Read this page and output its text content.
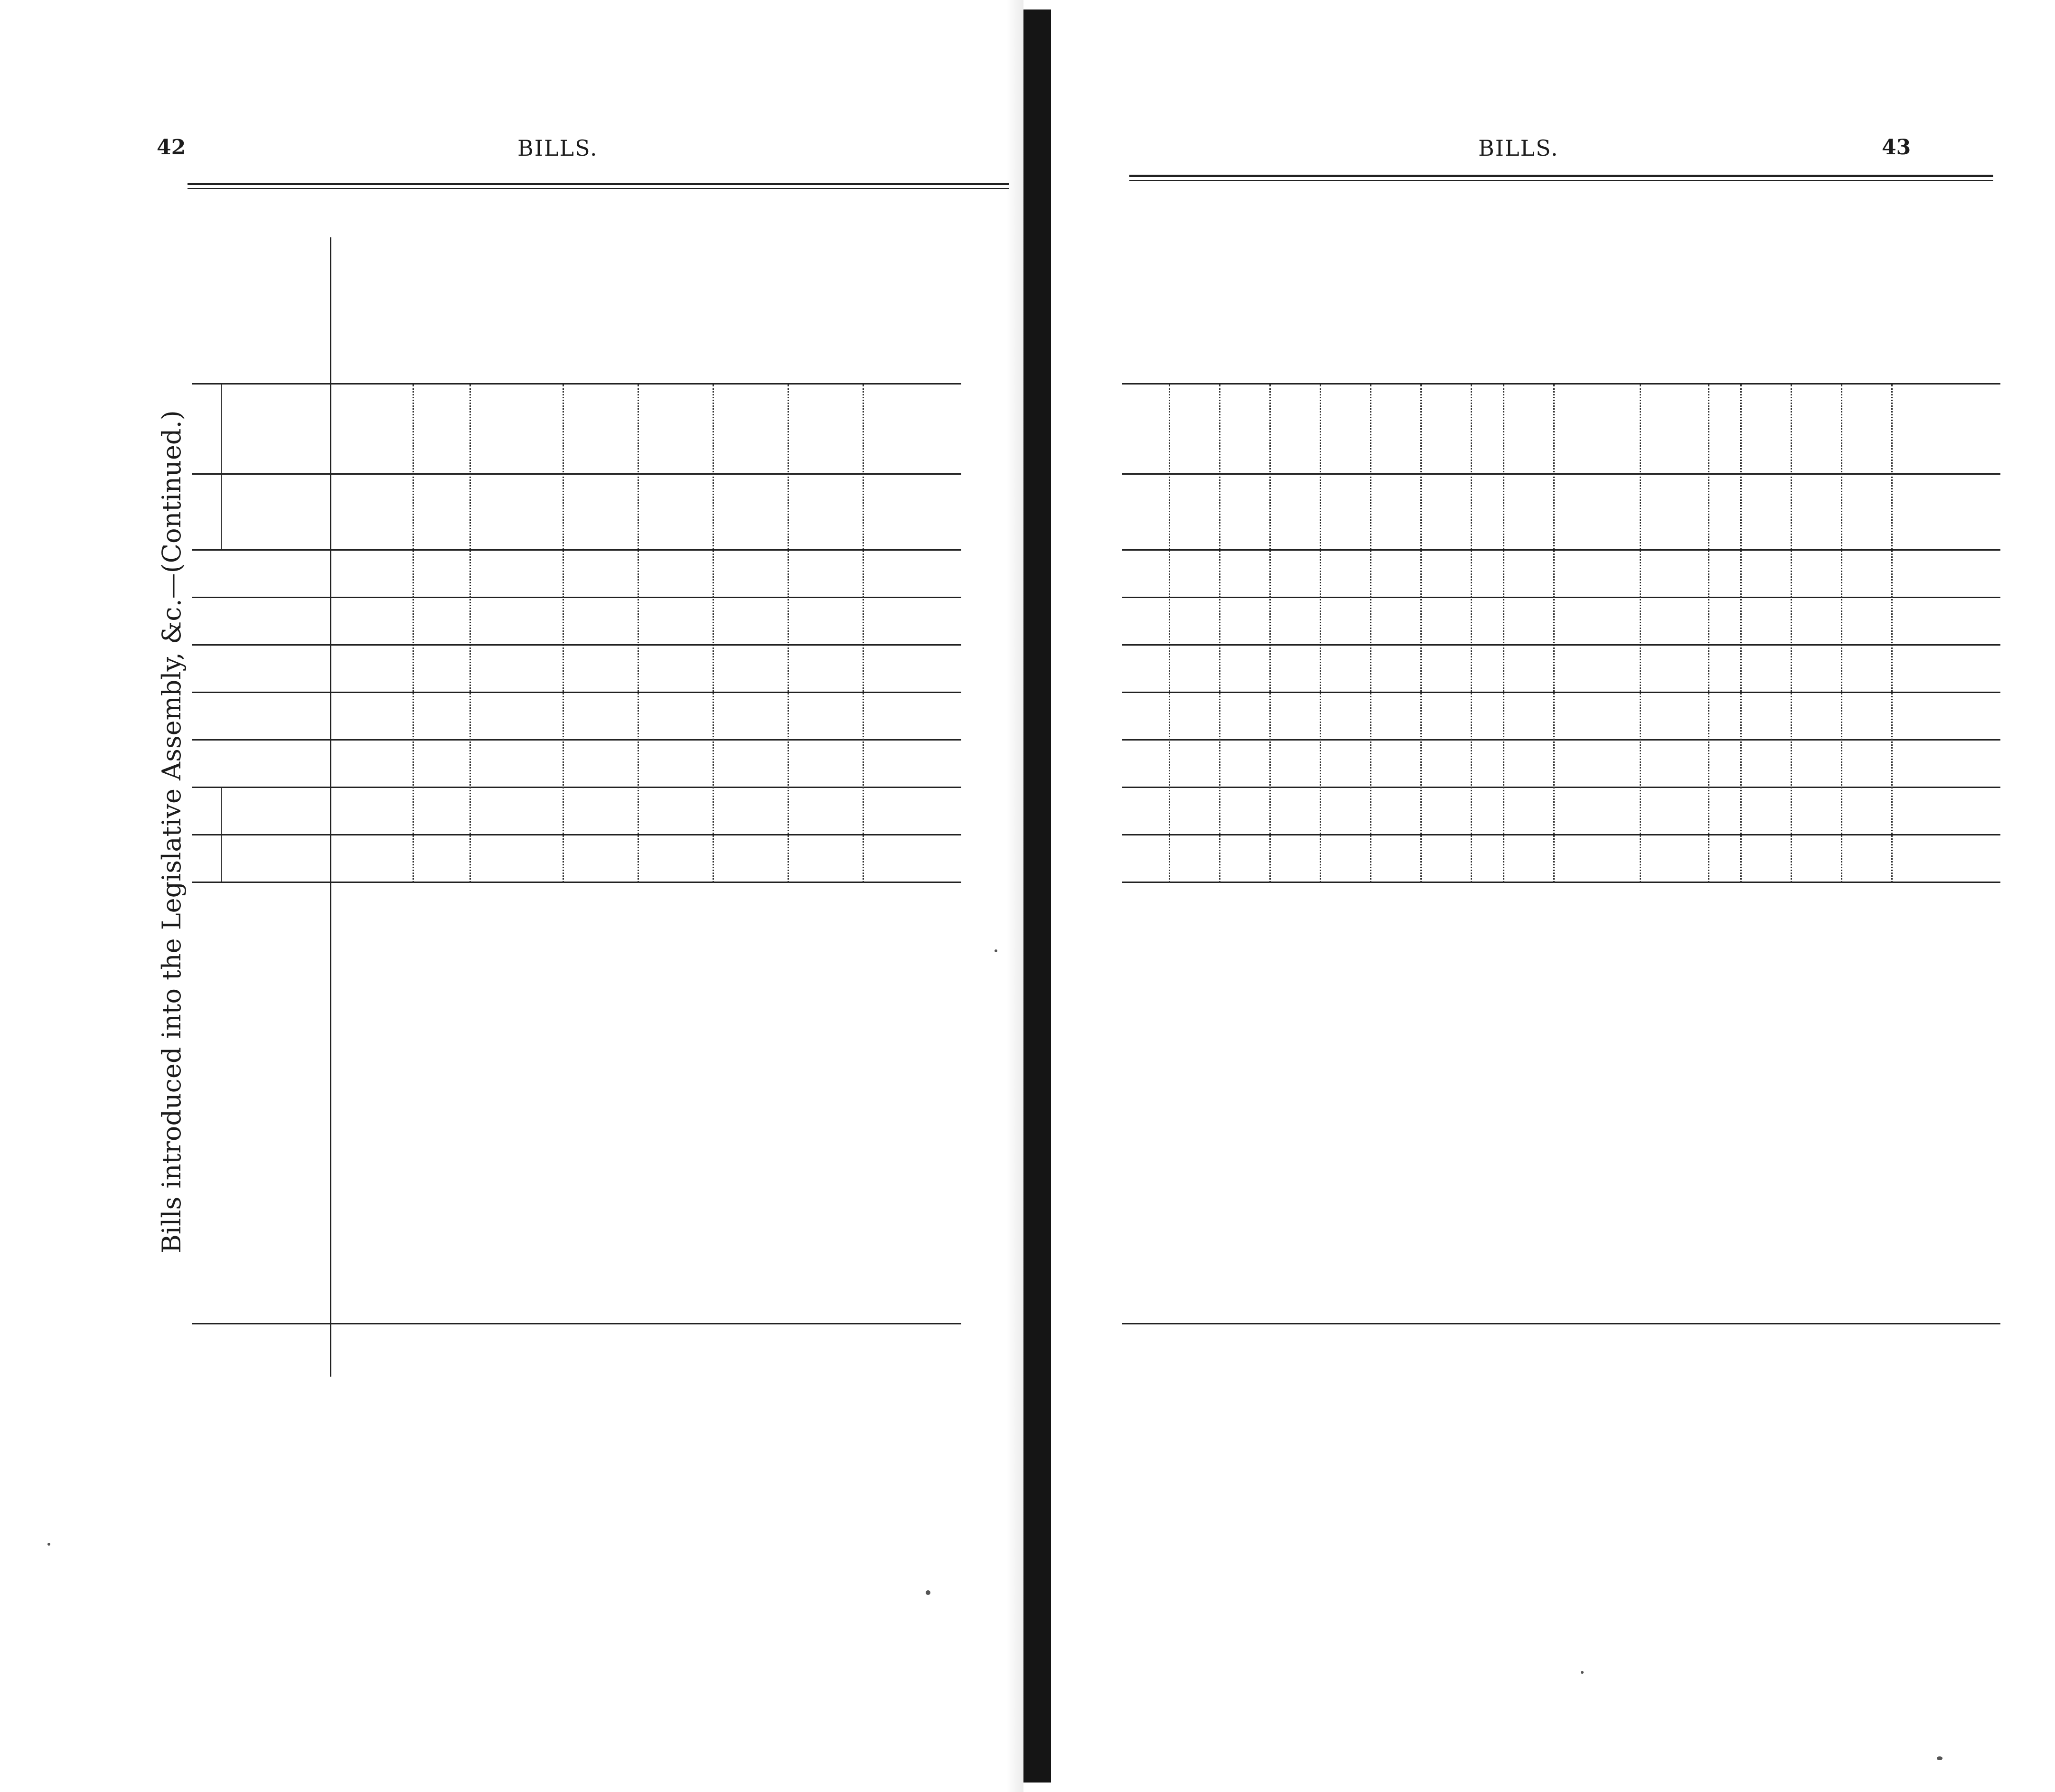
42	BILLS.
Bills introduced into the Legislative Assembly, &c.—(Continued.)
BILLS.	43
